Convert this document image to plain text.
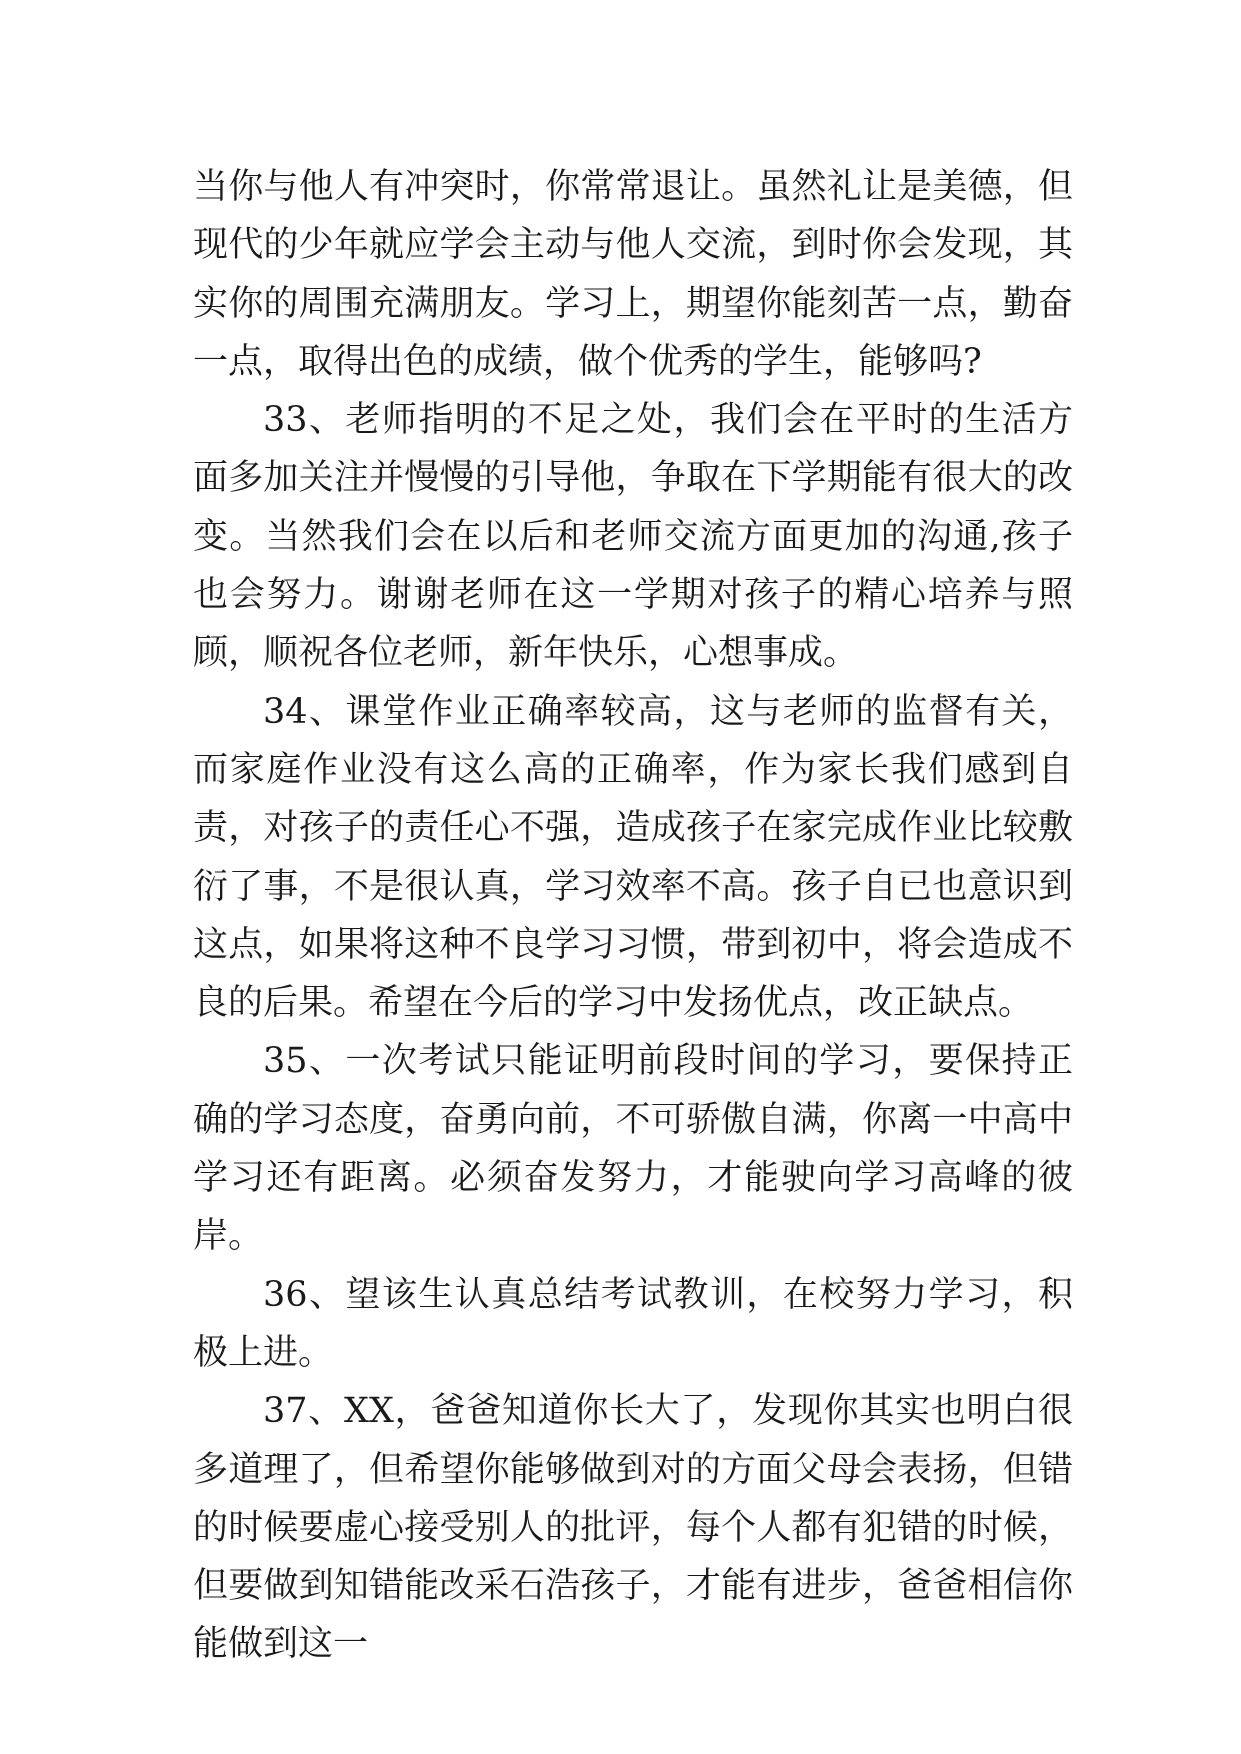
当你与他人有冲突时，你常常退让。虽然礼让是美德，但现代的少年就应学会主动与他人交流，到时你会发现，其实你的周围充满朋友。学习上，期望你能刻苦一点，勤奋一点，取得出色的成绩，做个优秀的学生，能够吗?

33、老师指明的不足之处，我们会在平时的生活方面多加关注并慢慢的引导他，争取在下学期能有很大的改变。当然我们会在以后和老师交流方面更加的沟通,孩子也会努力。谢谢老师在这一学期对孩子的精心培养与照顾，顺祝各位老师，新年快乐，心想事成。

34、课堂作业正确率较高，这与老师的监督有关，而家庭作业没有这么高的正确率，作为家长我们感到自责，对孩子的责任心不强，造成孩子在家完成作业比较敷衍了事，不是很认真，学习效率不高。孩子自已也意识到这点，如果将这种不良学习习惯，带到初中，将会造成不良的后果。希望在今后的学习中发扬优点，改正缺点。

35、一次考试只能证明前段时间的学习，要保持正确的学习态度，奋勇向前，不可骄傲自满，你离一中高中学习还有距离。必须奋发努力，才能驶向学习高峰的彼岸。

36、望该生认真总结考试教训，在校努力学习，积极上进。

37、XX，爸爸知道你长大了，发现你其实也明白很多道理了，但希望你能够做到对的方面父母会表扬，但错的时候要虚心接受别人的批评，每个人都有犯错的时候，但要做到知错能改采石浩孩子，才能有进步，爸爸相信你能做到这一
